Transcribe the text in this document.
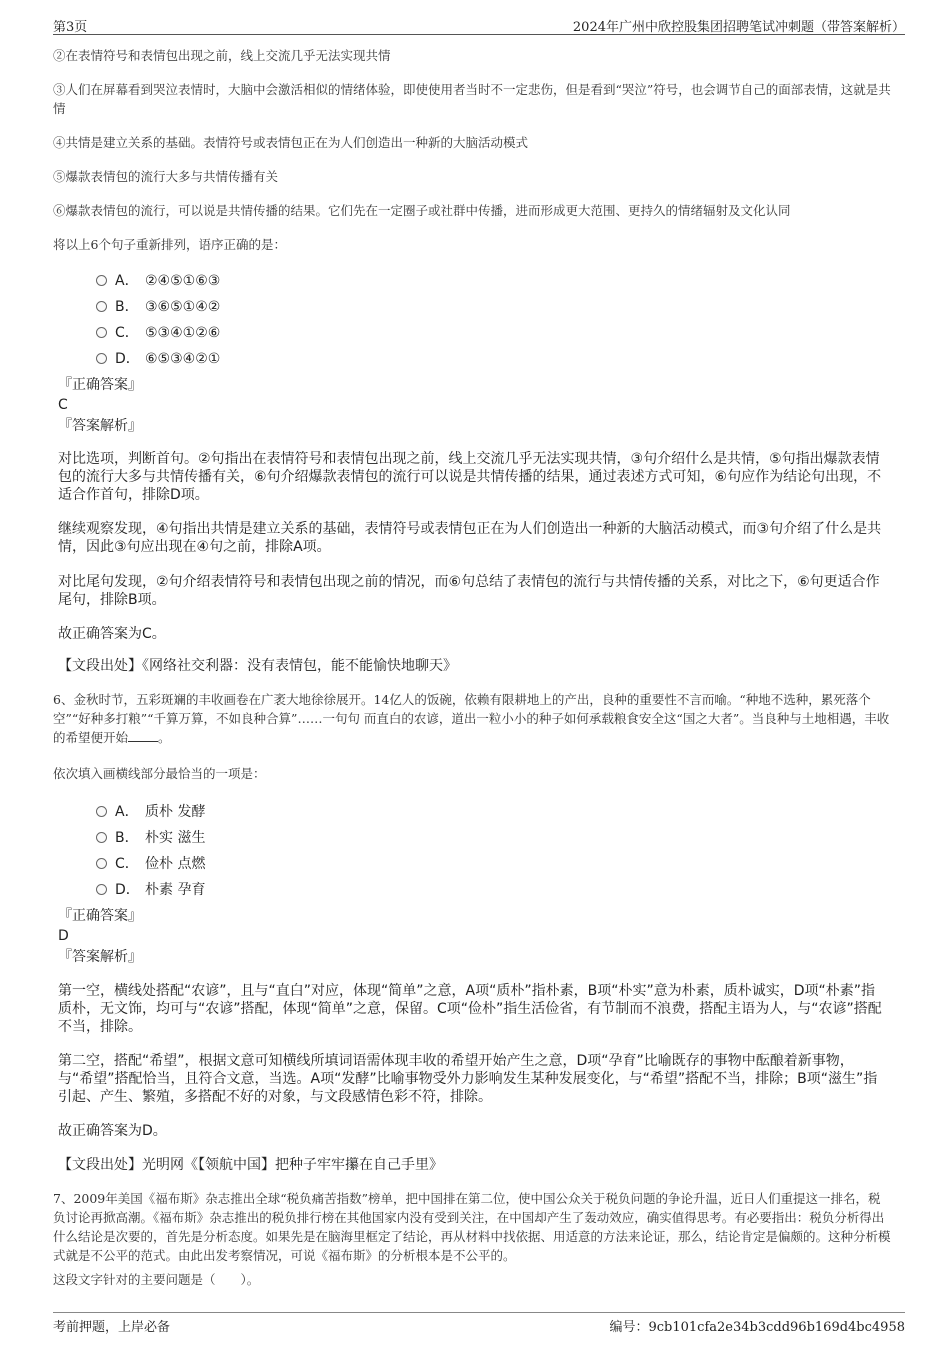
第3页	2024年广州中欣控股集团招聘笔试冲刺题（带答案解析）
②在表情符号和表情包出现之前，线上交流几乎无法实现共情
③人们在屏幕看到哭泣表情时，大脑中会激活相似的情绪体验，即使使用者当时不一定悲伤，但是看到“哭泣”符号，也会调节自己的面部表情，这就是共情
④共情是建立关系的基础。表情符号或表情包正在为人们创造出一种新的大脑活动模式
⑤爆款表情包的流行大多与共情传播有关
⑥爆款表情包的流行，可以说是共情传播的结果。它们先在一定圈子或社群中传播，进而形成更大范围、更持久的情绪辐射及文化认同
将以上6个句子重新排列，语序正确的是：
A． ②④⑤①⑥③
B． ③⑥⑤①④②
C． ⑤③④①②⑥
D． ⑥⑤③④②①
『正确答案』
C
『答案解析』
对比选项，判断首句。②句指出在表情符号和表情包出现之前，线上交流几乎无法实现共情，③句介绍什么是共情，⑤句指出爆款表情包的流行大多与共情传播有关，⑥句介绍爆款表情包的流行可以说是共情传播的结果，通过表述方式可知，⑥句应作为结论句出现，不适合作首句，排除D项。
继续观察发现，④句指出共情是建立关系的基础，表情符号或表情包正在为人们创造出一种新的大脑活动模式，而③句介绍了什么是共情，因此③句应出现在④句之前，排除A项。
对比尾句发现，②句介绍表情符号和表情包出现之前的情况，而⑥句总结了表情包的流行与共情传播的关系，对比之下，⑥句更适合作尾句，排除B项。
故正确答案为C。
【文段出处】《网络社交利器：没有表情包，能不能愉快地聊天》
6、金秋时节，五彩斑斓的丰收画卷在广袤大地徐徐展开。14亿人的饭碗，依赖有限耕地上的产出，良种的重要性不言而喻。“种地不选种，累死落个空”“好种多打粮”“千算万算，不如良种合算”……一句句 而直白的农谚，道出一粒小小的种子如何承载粮食安全这“国之大者”。当良种与土地相遇，丰收的希望便开始 。
依次填入画横线部分最恰当的一项是：
A． 质朴 发酵
B． 朴实 滋生
C． 俭朴 点燃
D． 朴素 孕育
『正确答案』
D
『答案解析』
第一空，横线处搭配“农谚”，且与“直白”对应，体现“简单”之意，A项“质朴”指朴素，B项“朴实”意为朴素，质朴诚实，D项“朴素”指质朴，无文饰，均可与“农谚”搭配，体现“简单”之意，保留。C项“俭朴”指生活俭省，有节制而不浪费，搭配主语为人，与“农谚”搭配不当，排除。
第二空，搭配“希望”，根据文意可知横线所填词语需体现丰收的希望开始产生之意，D项“孕育”比喻既存的事物中酝酿着新事物，与“希望”搭配恰当，且符合文意，当选。A项“发酵”比喻事物受外力影响发生某种发展变化，与“希望”搭配不当，排除；B项“滋生”指引起、产生、繁殖，多搭配不好的对象，与文段感情色彩不符，排除。
故正确答案为D。
【文段出处】光明网《【领航中国】把种子牢牢攥在自己手里》
7、2009年美国《福布斯》杂志推出全球“税负痛苦指数”榜单，把中国排在第二位，使中国公众关于税负问题的争论升温，近日人们重提这一排名，税负讨论再掀高潮。《福布斯》杂志推出的税负排行榜在其他国家内没有受到关注，在中国却产生了轰动效应，确实值得思考。有必要指出：税负分析得出什么结论是次要的，首先是分析态度。如果先是在脑海里框定了结论，再从材料中找依据、用适意的方法来论证，那么，结论肯定是偏颇的。这种分析模式就是不公平的范式。由此出发考察情况，可说《福布斯》的分析根本是不公平的。
这段文字针对的主要问题是（　　）。
考前押题，上岸必备	编号：9cb101cfa2e34b3cdd96b169d4bc4958
